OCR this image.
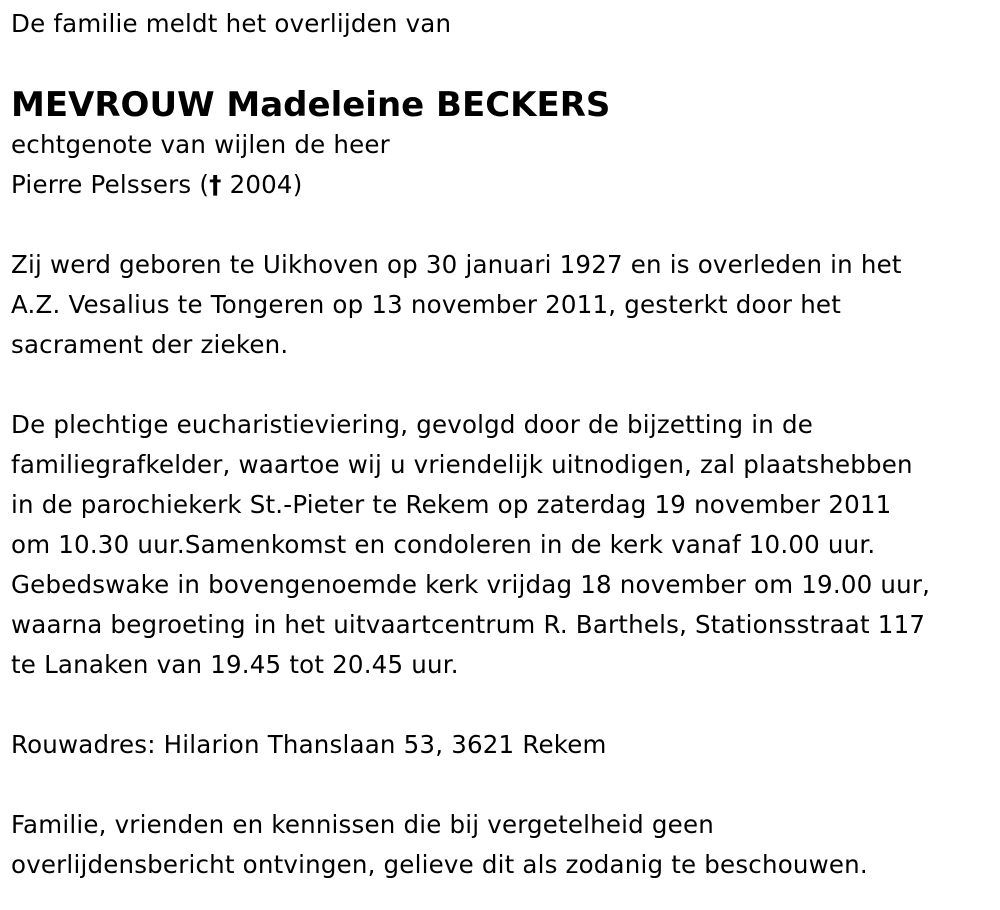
De familie meldt het overlijden van
MEVROUW Madeleine BECKERS
echtgenote van wijlen de heer
Pierre Pelssers († 2004)
Zij werd geboren te Uikhoven op 30 januari 1927 en is overleden in het
A.Z. Vesalius te Tongeren op 13 november 2011, gesterkt door het
sacrament der zieken.
De plechtige eucharistieviering, gevolgd door de bijzetting in de
familiegrafkelder, waartoe wij u vriendelijk uitnodigen, zal plaatshebben
in de parochiekerk St.-Pieter te Rekem op zaterdag 19 november 2011
om 10.30 uur.Samenkomst en condoleren in de kerk vanaf 10.00 uur.
Gebedswake in bovengenoemde kerk vrijdag 18 november om 19.00 uur,
waarna begroeting in het uitvaartcentrum R. Barthels, Stationsstraat 117
te Lanaken van 19.45 tot 20.45 uur.
Rouwadres: Hilarion Thanslaan 53, 3621 Rekem
Familie, vrienden en kennissen die bij vergetelheid geen
overlijdensbericht ontvingen, gelieve dit als zodanig te beschouwen.
